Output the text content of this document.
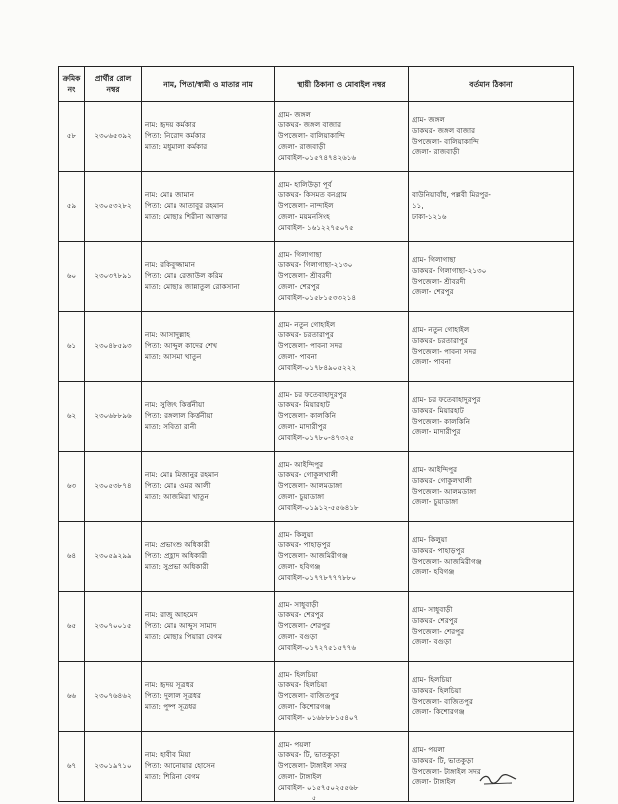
ক্রমিক নং	প্রার্থীর রোল নম্বর	নাম, পিতা/স্বামী ও মাতার নাম	স্থায়ী ঠিকানা ও মোবাইল নম্বর	বর্তমান ঠিকানা
৫৮	২৩০৬৫৩৯২	নাম: হৃদয় কর্মকার
পিতা: নিরোদ কর্মকার
মাতা: মধুমালা কর্মকার	গ্রাম- জঙ্গল
ডাকঘর- জঙ্গল বাজার
উপজেলা- বালিয়াকান্দি
জেলা- রাজবাড়ী
মোবাইল-০১৫৭৪৭৪২৬১৬	গ্রাম- জঙ্গল
ডাকঘর- জঙ্গল বাজার
উপজেলা- বালিয়াকান্দি
জেলা- রাজবাড়ী

৫৯	২৩০৫৩২৮২	নাম: মোঃ জামান
পিতা: মোঃ আতাবুর রহমান
মাতা: মোছাঃ শিরীনা আক্তার	গ্রাম- হালিউড়া পূর্ব
ডাকঘর- কিসমত বনগ্রাম
উপজেলা- নান্দাইল
জেলা- ময়মনসিংহ
মোবাইল- ১৬১২২৭৫০৭৫	বাউনিয়াবাঁধ, পল্লবী মিরপুর-
১১,
ঢাকা-১২১৬

৬০	২৩০৩৭৮৯১	নাম: রকিবুজ্জামান
পিতা: মোঃ রেজাউল করিম
মাতা: মোছাঃ জান্নাতুল রোকসানা	গ্রাম- গিলাগাছা
ডাকঘর- গিলাগাছা-২১৩০
উপজেলা- শ্রীবরদী
জেলা- শেরপুর
মোবাইল-০১৫৮১৫৩৩২১৪	গ্রাম- গিলাগাছা
ডাকঘর- গিলাগাছা-২১৩০
উপজেলা- শ্রীবরদী
জেলা- শেরপুর

৬১	২৩০৪৮৫৯৩	নাম: আসাদুল্লাহ
পিতা: আব্দুল কাদের শেখ
মাতা: আসমা খাতুন	গ্রাম- নতুন গোহাইল
ডাকঘর- চরতারাপুর
উপজেলা- পাবনা সদর
জেলা- পাবনা
মোবাইল-০১৭৮৪৯০৫২২২	গ্রাম- নতুন গোহাইল
ডাকঘর- চরতারাপুর
উপজেলা- পাবনা সদর
জেলা- পাবনা

৬২	২৩০৬৮৮৯৬	নাম: সুজিৎ কির্ত্তনীয়া
পিতা: রঙ্গলাল কির্ত্তনীয়া
মাতা: সবিতা রানী	গ্রাম- চর ফতেবাহাদুরপুর
ডাকঘর- মিয়ারহাট
উপজেলা- কালকিনি
জেলা- মাদারীপুর
মোবাইল-০১৭৮০-৪৭৩২৫	গ্রাম- চর ফতেবাহাদুরপুর
ডাকঘর- মিয়ারহাট
উপজেলা- কালকিনি
জেলা- মাদারীপুর

৬৩	২৩০৫৩৮৭৪	নাম: মোঃ মিজানুর রহমান
পিতা: মোঃ ওমর আলী
মাতা: আজমিরা খাতুন	গ্রাম- আইন্দিপুর
ডাকঘর- গোকুলখালী
উপজেলা- আলমডাঙ্গা
জেলা- চুয়াডাঙ্গা
মোবাইল-০১৯১২-৫৫৬৪১৮	গ্রাম- আইন্দিপুর
ডাকঘর- গোকুলখালী
উপজেলা- আলমডাঙ্গা
জেলা- চুয়াডাঙ্গা

৬৪	২৩০৫৯২৯৯	নাম: প্রভাংশু অধিকারী
পিতা: প্রহ্লাদ অধিকারী
মাতা: সুপ্রভা অধিকারী	গ্রাম- কিলুয়া
ডাকঘর- পাহাড়পুর
উপজেলা- আজমিরীগঞ্জ
জেলা- হবিগঞ্জ
মোবাইল-০১৭৭৮৭৭৭৮৮০	গ্রাম- কিলুয়া
ডাকঘর- পাহাড়পুর
উপজেলা- আজমিরীগঞ্জ
জেলা- হবিগঞ্জ

৬৫	২৩০৭০০১৫	নাম: রাজু আহমেদ
পিতা: মোঃ আব্দুস সামাদ
মাতা: মোছাঃ পিয়ারা বেগম	গ্রাম- সাধুবাড়ী
ডাকঘর- শেরপুর
উপজেলা- শেরপুর
জেলা- বগুড়া
মোবাইল-০১৭২৭৫১৫৭৭৬	গ্রাম- সাধুবাড়ী
ডাকঘর- শেরপুর
উপজেলা- শেরপুর
জেলা- বগুড়া

৬৬	২৩০৭৬৪৬২	নাম: হৃদয় সূত্রধর
পিতা: দুলাল সূত্রধর
মাতা: পুষ্প সূত্রধর	গ্রাম- হিলচিয়া
ডাকঘর- হিলচিয়া
উপজেলা- বাজিতপুর
জেলা- কিশোরগঞ্জ
মোবাইল- ০১৬৮৮৮১৫৪০৭	গ্রাম- হিলচিয়া
ডাকঘর- হিলচিয়া
উপজেলা- বাজিতপুর
জেলা- কিশোরগঞ্জ

৬৭	২৩০১৯৭১০	নাম: হাবীব মিয়া
পিতা: আনোয়ার হোসেন
মাতা: শিরিনা বেগম	গ্রাম- পয়লা
ডাকঘর- টি, ভাতকুড়া
উপজেলা- টাঙ্গাইল সদর
জেলা- টাঙ্গাইল
মোবাইল- ০১৫৭৫০২৫৫৬৮	গ্রাম- পয়লা
ডাকঘর- টি, ভাতকুড়া
উপজেলা- টাঙ্গাইল সদর
জেলা- টাঙ্গাইল
৫
